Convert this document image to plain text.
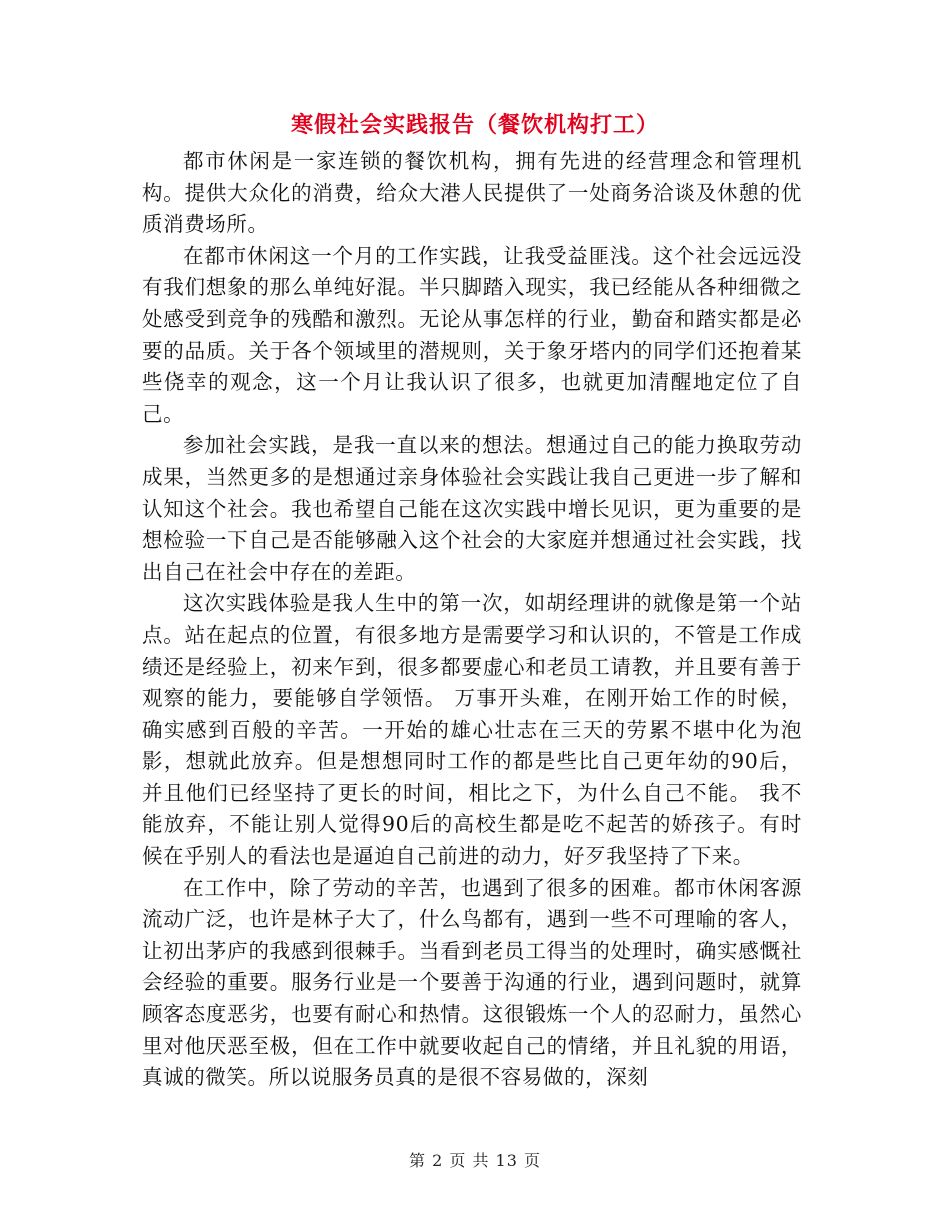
寒假社会实践报告（餐饮机构打工）

都市休闲是一家连锁的餐饮机构，拥有先进的经营理念和管理机构。提供大众化的消费，给众大港人民提供了一处商务洽谈及休憩的优质消费场所。

在都市休闲这一个月的工作实践，让我受益匪浅。这个社会远远没有我们想象的那么单纯好混。半只脚踏入现实，我已经能从各种细微之处感受到竞争的残酷和激烈。无论从事怎样的行业，勤奋和踏实都是必要的品质。关于各个领域里的潜规则，关于象牙塔内的同学们还抱着某些侥幸的观念，这一个月让我认识了很多，也就更加清醒地定位了自己。

参加社会实践，是我一直以来的想法。想通过自己的能力换取劳动成果，当然更多的是想通过亲身体验社会实践让我自己更进一步了解和认知这个社会。我也希望自己能在这次实践中增长见识，更为重要的是想检验一下自己是否能够融入这个社会的大家庭并想通过社会实践，找出自己在社会中存在的差距。

这次实践体验是我人生中的第一次，如胡经理讲的就像是第一个站点。站在起点的位置，有很多地方是需要学习和认识的，不管是工作成绩还是经验上，初来乍到，很多都要虚心和老员工请教，并且要有善于观察的能力，要能够自学领悟。 万事开头难，在刚开始工作的时候，确实感到百般的辛苦。一开始的雄心壮志在三天的劳累不堪中化为泡影，想就此放弃。但是想想同时工作的都是些比自己更年幼的90后，并且他们已经坚持了更长的时间，相比之下，为什么自己不能。 我不能放弃，不能让别人觉得90后的高校生都是吃不起苦的娇孩子。有时候在乎别人的看法也是逼迫自己前进的动力，好歹我坚持了下来。

在工作中，除了劳动的辛苦，也遇到了很多的困难。都市休闲客源流动广泛，也许是林子大了，什么鸟都有，遇到一些不可理喻的客人，让初出茅庐的我感到很棘手。当看到老员工得当的处理时，确实感慨社会经验的重要。服务行业是一个要善于沟通的行业，遇到问题时，就算顾客态度恶劣，也要有耐心和热情。这很锻炼一个人的忍耐力，虽然心里对他厌恶至极，但在工作中就要收起自己的情绪，并且礼貌的用语，真诚的微笑。所以说服务员真的是很不容易做的，深刻

第 2 页 共 13 页
